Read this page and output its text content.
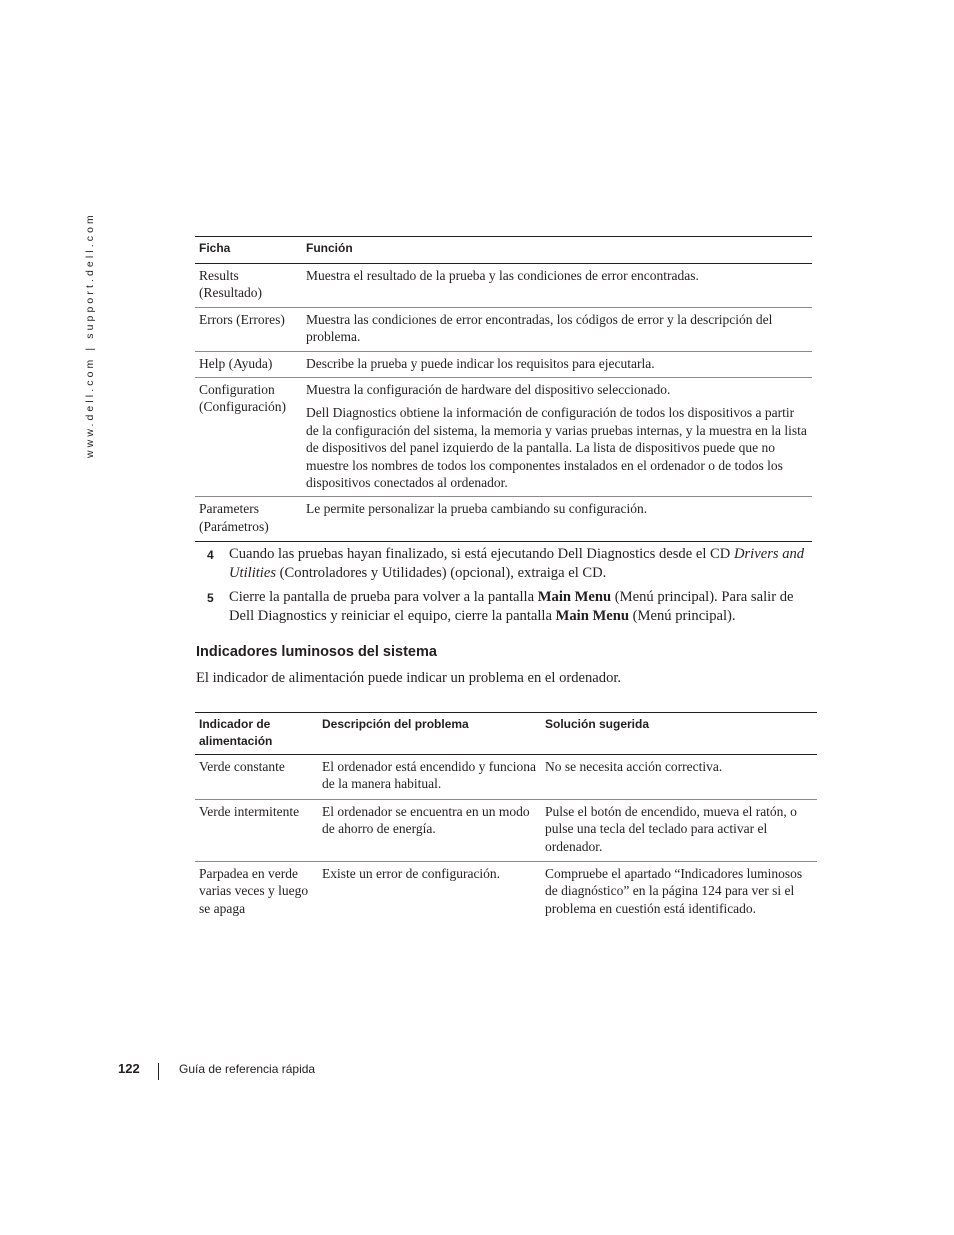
www.dell.com | support.dell.com	Ficha	Función
Results (Resultado)	Muestra el resultado de la prueba y las condiciones de error encontradas.

Errors (Errores)	Muestra las condiciones de error encontradas, los códigos de error y la descripción del problema.

Help (Ayuda)	Describe la prueba y puede indicar los requisitos para ejecutarla.

Configuration (Configuración)	Muestra la configuración de hardware del dispositivo seleccionado.

Dell Diagnostics obtiene la información de configuración de todos los dispositivos a partir de la configuración del sistema, la memoria y varias pruebas internas, y la muestra en la lista de dispositivos del panel izquierdo de la pantalla. La lista de dispositivos puede que no muestre los nombres de todos los componentes instalados en el ordenador o de todos los dispositivos conectados al ordenador.

Parameters (Parámetros)	Le permite personalizar la prueba cambiando su configuración.

4 Cuando las pruebas hayan finalizado, si está ejecutando Dell Diagnostics desde el CD Drivers and Utilities (Controladores y Utilidades) (opcional), extraiga el CD.
5 Cierre la pantalla de prueba para volver a la pantalla Main Menu (Menú principal). Para salir de Dell Diagnostics y reiniciar el equipo, cierre la pantalla Main Menu (Menú principal).
Indicadores luminosos del sistema
El indicador de alimentación puede indicar un problema en el ordenador.
Indicador de alimentación	Descripción del problema	Solución sugerida
Verde constante	El ordenador está encendido y funciona de la manera habitual.	No se necesita acción correctiva.
Verde intermitente	El ordenador se encuentra en un modo de ahorro de energía.	Pulse el botón de encendido, mueva el ratón, o pulse una tecla del teclado para activar el ordenador.
Parpadea en verde varias veces y luego se apaga	Existe un error de configuración.	Compruebe el apartado “Indicadores luminosos de diagnóstico” en la página 124 para ver si el problema en cuestión está identificado.
122	Guía de referencia rápida
